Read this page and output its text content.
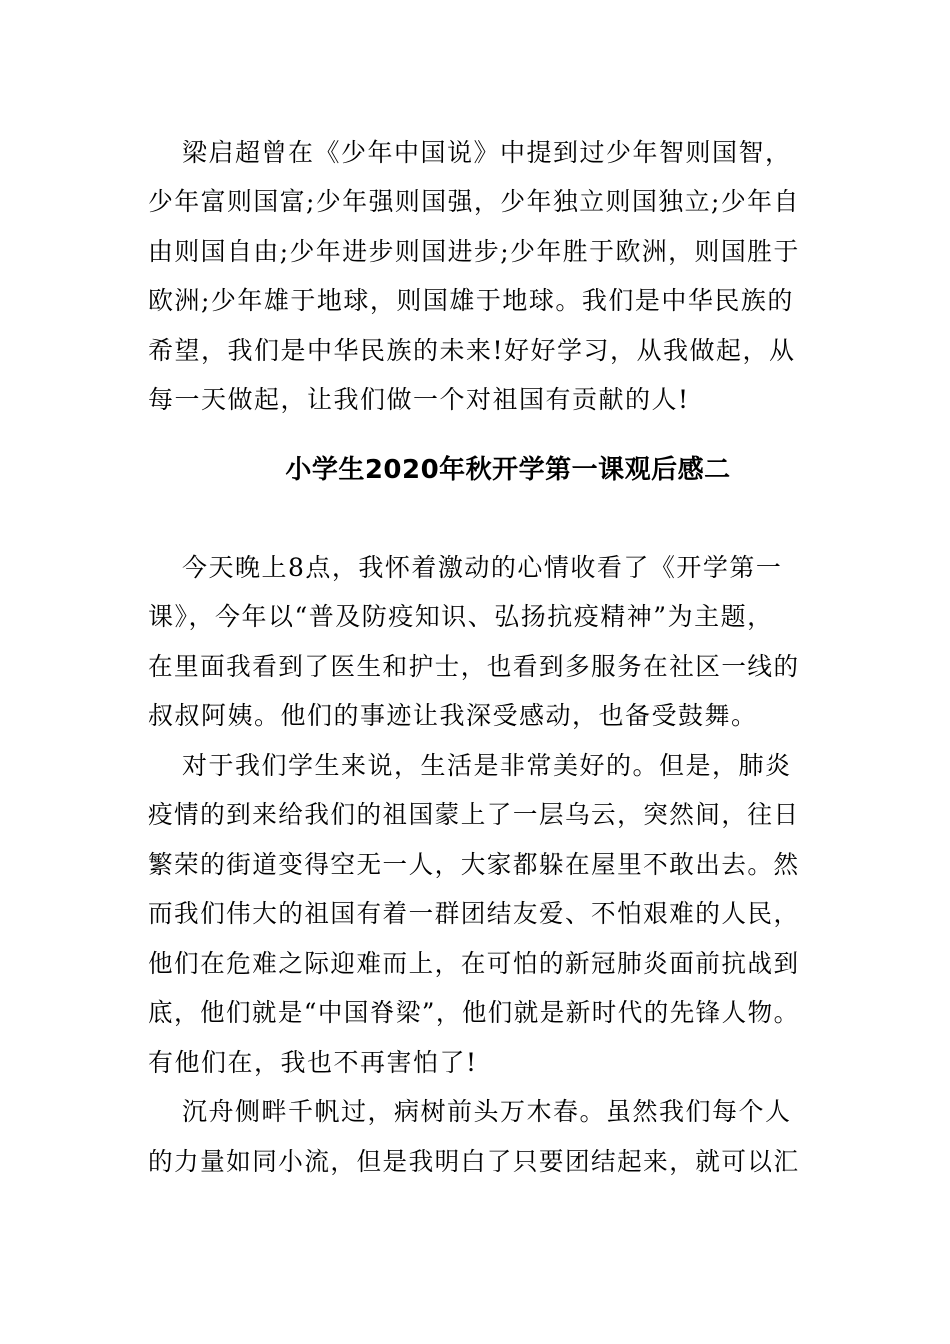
梁启超曾在《少年中国说》中提到过少年智则国智，
少年富则国富;少年强则国强，少年独立则国独立;少年自
由则国自由;少年进步则国进步;少年胜于欧洲，则国胜于
欧洲;少年雄于地球，则国雄于地球。我们是中华民族的
希望，我们是中华民族的未来!好好学习，从我做起，从
每一天做起，让我们做一个对祖国有贡献的人!
小学生2020年秋开学第一课观后感二
今天晚上8点，我怀着激动的心情收看了《开学第一
课》，今年以“普及防疫知识、弘扬抗疫精神”为主题，
在里面我看到了医生和护士，也看到多服务在社区一线的
叔叔阿姨。他们的事迹让我深受感动，也备受鼓舞。
对于我们学生来说，生活是非常美好的。但是，肺炎
疫情的到来给我们的祖国蒙上了一层乌云，突然间，往日
繁荣的街道变得空无一人，大家都躲在屋里不敢出去。然
而我们伟大的祖国有着一群团结友爱、不怕艰难的人民，
他们在危难之际迎难而上，在可怕的新冠肺炎面前抗战到
底，他们就是“中国脊梁”，他们就是新时代的先锋人物。
有他们在，我也不再害怕了!
沉舟侧畔千帆过，病树前头万木春。虽然我们每个人
的力量如同小流，但是我明白了只要团结起来，就可以汇
